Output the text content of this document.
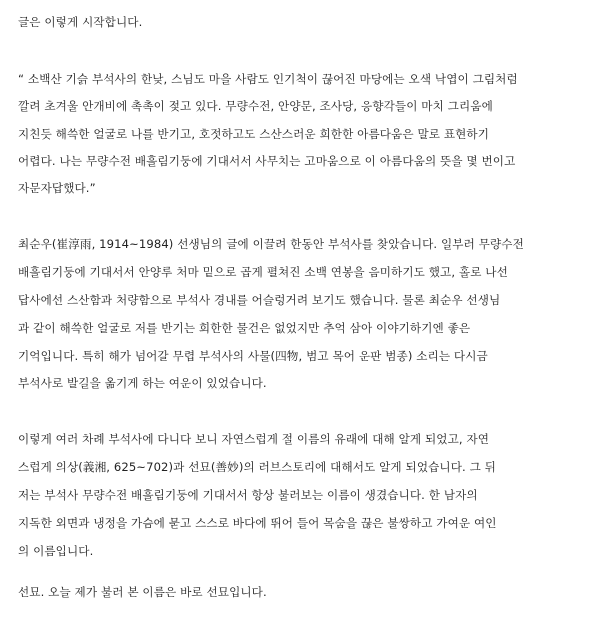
글은 이렇게 시작합니다.
“ 소백산 기슭 부석사의 한낮, 스님도 마을 사람도 인기척이 끊어진 마당에는 오색 낙엽이 그림처럼
깔려 초겨울 안개비에 촉촉이 젖고 있다. 무량수전, 안양문, 조사당, 응향각들이 마치 그리움에
지친듯 해쓱한 얼굴로 나를 반기고, 호젓하고도 스산스러운 희한한 아름다움은 말로 표현하기
어렵다. 나는 무량수전 배흘림기둥에 기대서서 사무치는 고마움으로 이 아름다움의 뜻을 몇 번이고
자문자답했다.”
최순우(崔淳雨, 1914~1984) 선생님의 글에 이끌려 한동안 부석사를 찾았습니다. 일부러 무량수전
배흘림기둥에 기대서서 안양루 처마 밑으로 곱게 펼쳐진 소백 연봉을 음미하기도 했고, 홀로 나선
답사에선 스산함과 처량함으로 부석사 경내를 어슬렁거려 보기도 했습니다. 물론 최순우 선생님
과 같이 해쓱한 얼굴로 저를 반기는 희한한 물건은 없었지만 추억 삼아 이야기하기엔 좋은
기억입니다. 특히 해가 넘어갈 무렵 부석사의 사물(四物, 범고 목어 운판 범종) 소리는 다시금
부석사로 발길을 옮기게 하는 여운이 있었습니다.
이렇게 여러 차례 부석사에 다니다 보니 자연스럽게 절 이름의 유래에 대해 알게 되었고, 자연
스럽게 의상(義湘, 625~702)과 선묘(善妙)의 러브스토리에 대해서도 알게 되었습니다. 그 뒤
저는 부석사 무량수전 배흘림기둥에 기대서서 항상 불러보는 이름이 생겼습니다. 한 남자의
지독한 외면과 냉정을 가슴에 묻고 스스로 바다에 뛰어 들어 목숨을 끊은 불쌍하고 가여운 여인
의 이름입니다.
선묘. 오늘 제가 불러 본 이름은 바로 선묘입니다.
